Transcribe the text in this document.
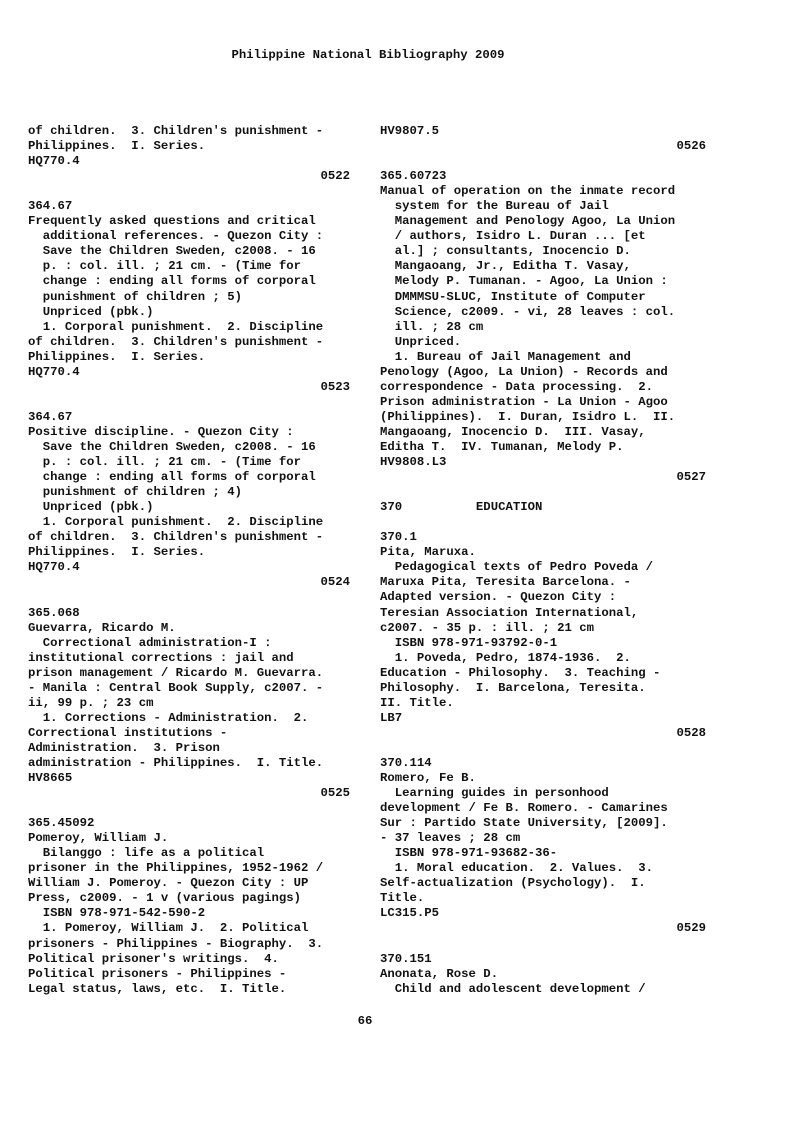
Philippine National Bibliography 2009
of children.  3. Children's punishment -
Philippines.  I. Series.
HQ770.4
0522
364.67
Frequently asked questions and critical
additional references. - Quezon City :
Save the Children Sweden, c2008. - 16
p. : col. ill. ; 21 cm. - (Time for
change : ending all forms of corporal
punishment of children ; 5)
Unpriced (pbk.)
1. Corporal punishment.  2. Discipline
of children.  3. Children's punishment -
Philippines.  I. Series.
HQ770.4
0523
364.67
Positive discipline. - Quezon City :
Save the Children Sweden, c2008. - 16
p. : col. ill. ; 21 cm. - (Time for
change : ending all forms of corporal
punishment of children ; 4)
Unpriced (pbk.)
1. Corporal punishment.  2. Discipline
of children.  3. Children's punishment -
Philippines.  I. Series.
HQ770.4
0524
365.068
Guevarra, Ricardo M.
Correctional administration-I :
institutional corrections : jail and
prison management / Ricardo M. Guevarra.
- Manila : Central Book Supply, c2007. -
ii, 99 p. ; 23 cm
1. Corrections - Administration.  2.
Correctional institutions -
Administration.  3. Prison
administration - Philippines.  I. Title.
HV8665
0525
365.45092
Pomeroy, William J.
Bilanggo : life as a political
prisoner in the Philippines, 1952-1962 /
William J. Pomeroy. - Quezon City : UP
Press, c2009. - 1 v (various pagings)
ISBN 978-971-542-590-2
1. Pomeroy, William J.  2. Political
prisoners - Philippines - Biography.  3.
Political prisoner's writings.  4.
Political prisoners - Philippines -
Legal status, laws, etc.  I. Title.
HV9807.5
0526
365.60723
Manual of operation on the inmate record
system for the Bureau of Jail
Management and Penology Agoo, La Union
/ authors, Isidro L. Duran ... [et
al.] ; consultants, Inocencio D.
Mangaoang, Jr., Editha T. Vasay,
Melody P. Tumanan. - Agoo, La Union :
DMMMSU-SLUC, Institute of Computer
Science, c2009. - vi, 28 leaves : col.
ill. ; 28 cm
Unpriced.
1. Bureau of Jail Management and
Penology (Agoo, La Union) - Records and
correspondence - Data processing.  2.
Prison administration - La Union - Agoo
(Philippines).  I. Duran, Isidro L.  II.
Mangaoang, Inocencio D.  III. Vasay,
Editha T.  IV. Tumanan, Melody P.
HV9808.L3
0527
370          EDUCATION
370.1
Pita, Maruxa.
Pedagogical texts of Pedro Poveda /
Maruxa Pita, Teresita Barcelona. -
Adapted version. - Quezon City :
Teresian Association International,
c2007. - 35 p. : ill. ; 21 cm
ISBN 978-971-93792-0-1
1. Poveda, Pedro, 1874-1936.  2.
Education - Philosophy.  3. Teaching -
Philosophy.  I. Barcelona, Teresita.
II. Title.
LB7
0528
370.114
Romero, Fe B.
Learning guides in personhood
development / Fe B. Romero. - Camarines
Sur : Partido State University, [2009].
- 37 leaves ; 28 cm
ISBN 978-971-93682-36-
1. Moral education.  2. Values.  3.
Self-actualization (Psychology).  I.
Title.
LC315.P5
0529
370.151
Anonata, Rose D.
Child and adolescent development /
66
